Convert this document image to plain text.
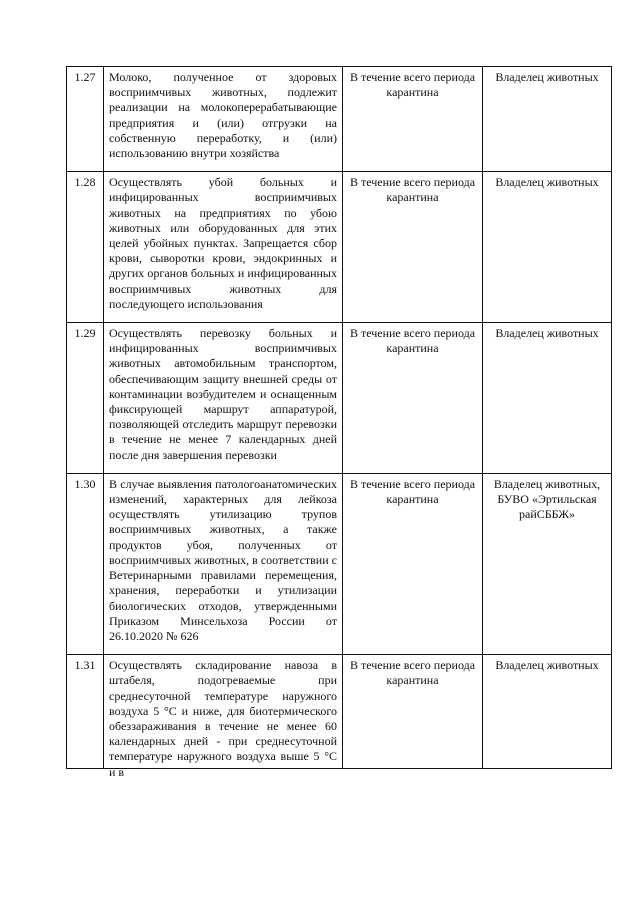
1.27	Молоко, полученное от здоровых восприимчивых животных, подлежит реализации на молокоперерабатывающие предприятия и (или) отгрузки на собственную переработку, и (или) использованию внутри хозяйства	В течение всего периода карантина	Владелец животных
1.28	Осуществлять убой больных и инфицированных восприимчивых животных на предприятиях по убою животных или оборудованных для этих целей убойных пунктах. Запрещается сбор крови, сыворотки крови, эндокринных и других органов больных и инфицированных восприимчивых животных для последующего использования	В течение всего периода карантина	Владелец животных
1.29	Осуществлять перевозку больных и инфицированных восприимчивых животных автомобильным транспортом, обеспечивающим защиту внешней среды от контаминации возбудителем и оснащенным фиксирующей маршрут аппаратурой, позволяющей отследить маршрут перевозки в течение не менее 7 календарных дней после дня завершения перевозки	В течение всего периода карантина	Владелец животных
1.30	В случае выявления патологоанатомических изменений, характерных для лейкоза осуществлять утилизацию трупов восприимчивых животных, а также продуктов убоя, полученных от восприимчивых животных, в соответствии с Ветеринарными правилами перемещения, хранения, переработки и утилизации биологических отходов, утвержденными Приказом Минсельхоза России от 26.10.2020 № 626	В течение всего периода карантина	Владелец животных, БУВО «Эртильская райСББЖ»
1.31	Осуществлять складирование навоза в штабеля, подогреваемые при среднесуточной температуре наружного воздуха 5 °С и ниже, для биотермического обеззараживания в течение не менее 60 календарных дней - при среднесуточной температуре наружного воздуха выше 5 °С и в	В течение всего периода карантина	Владелец животных
